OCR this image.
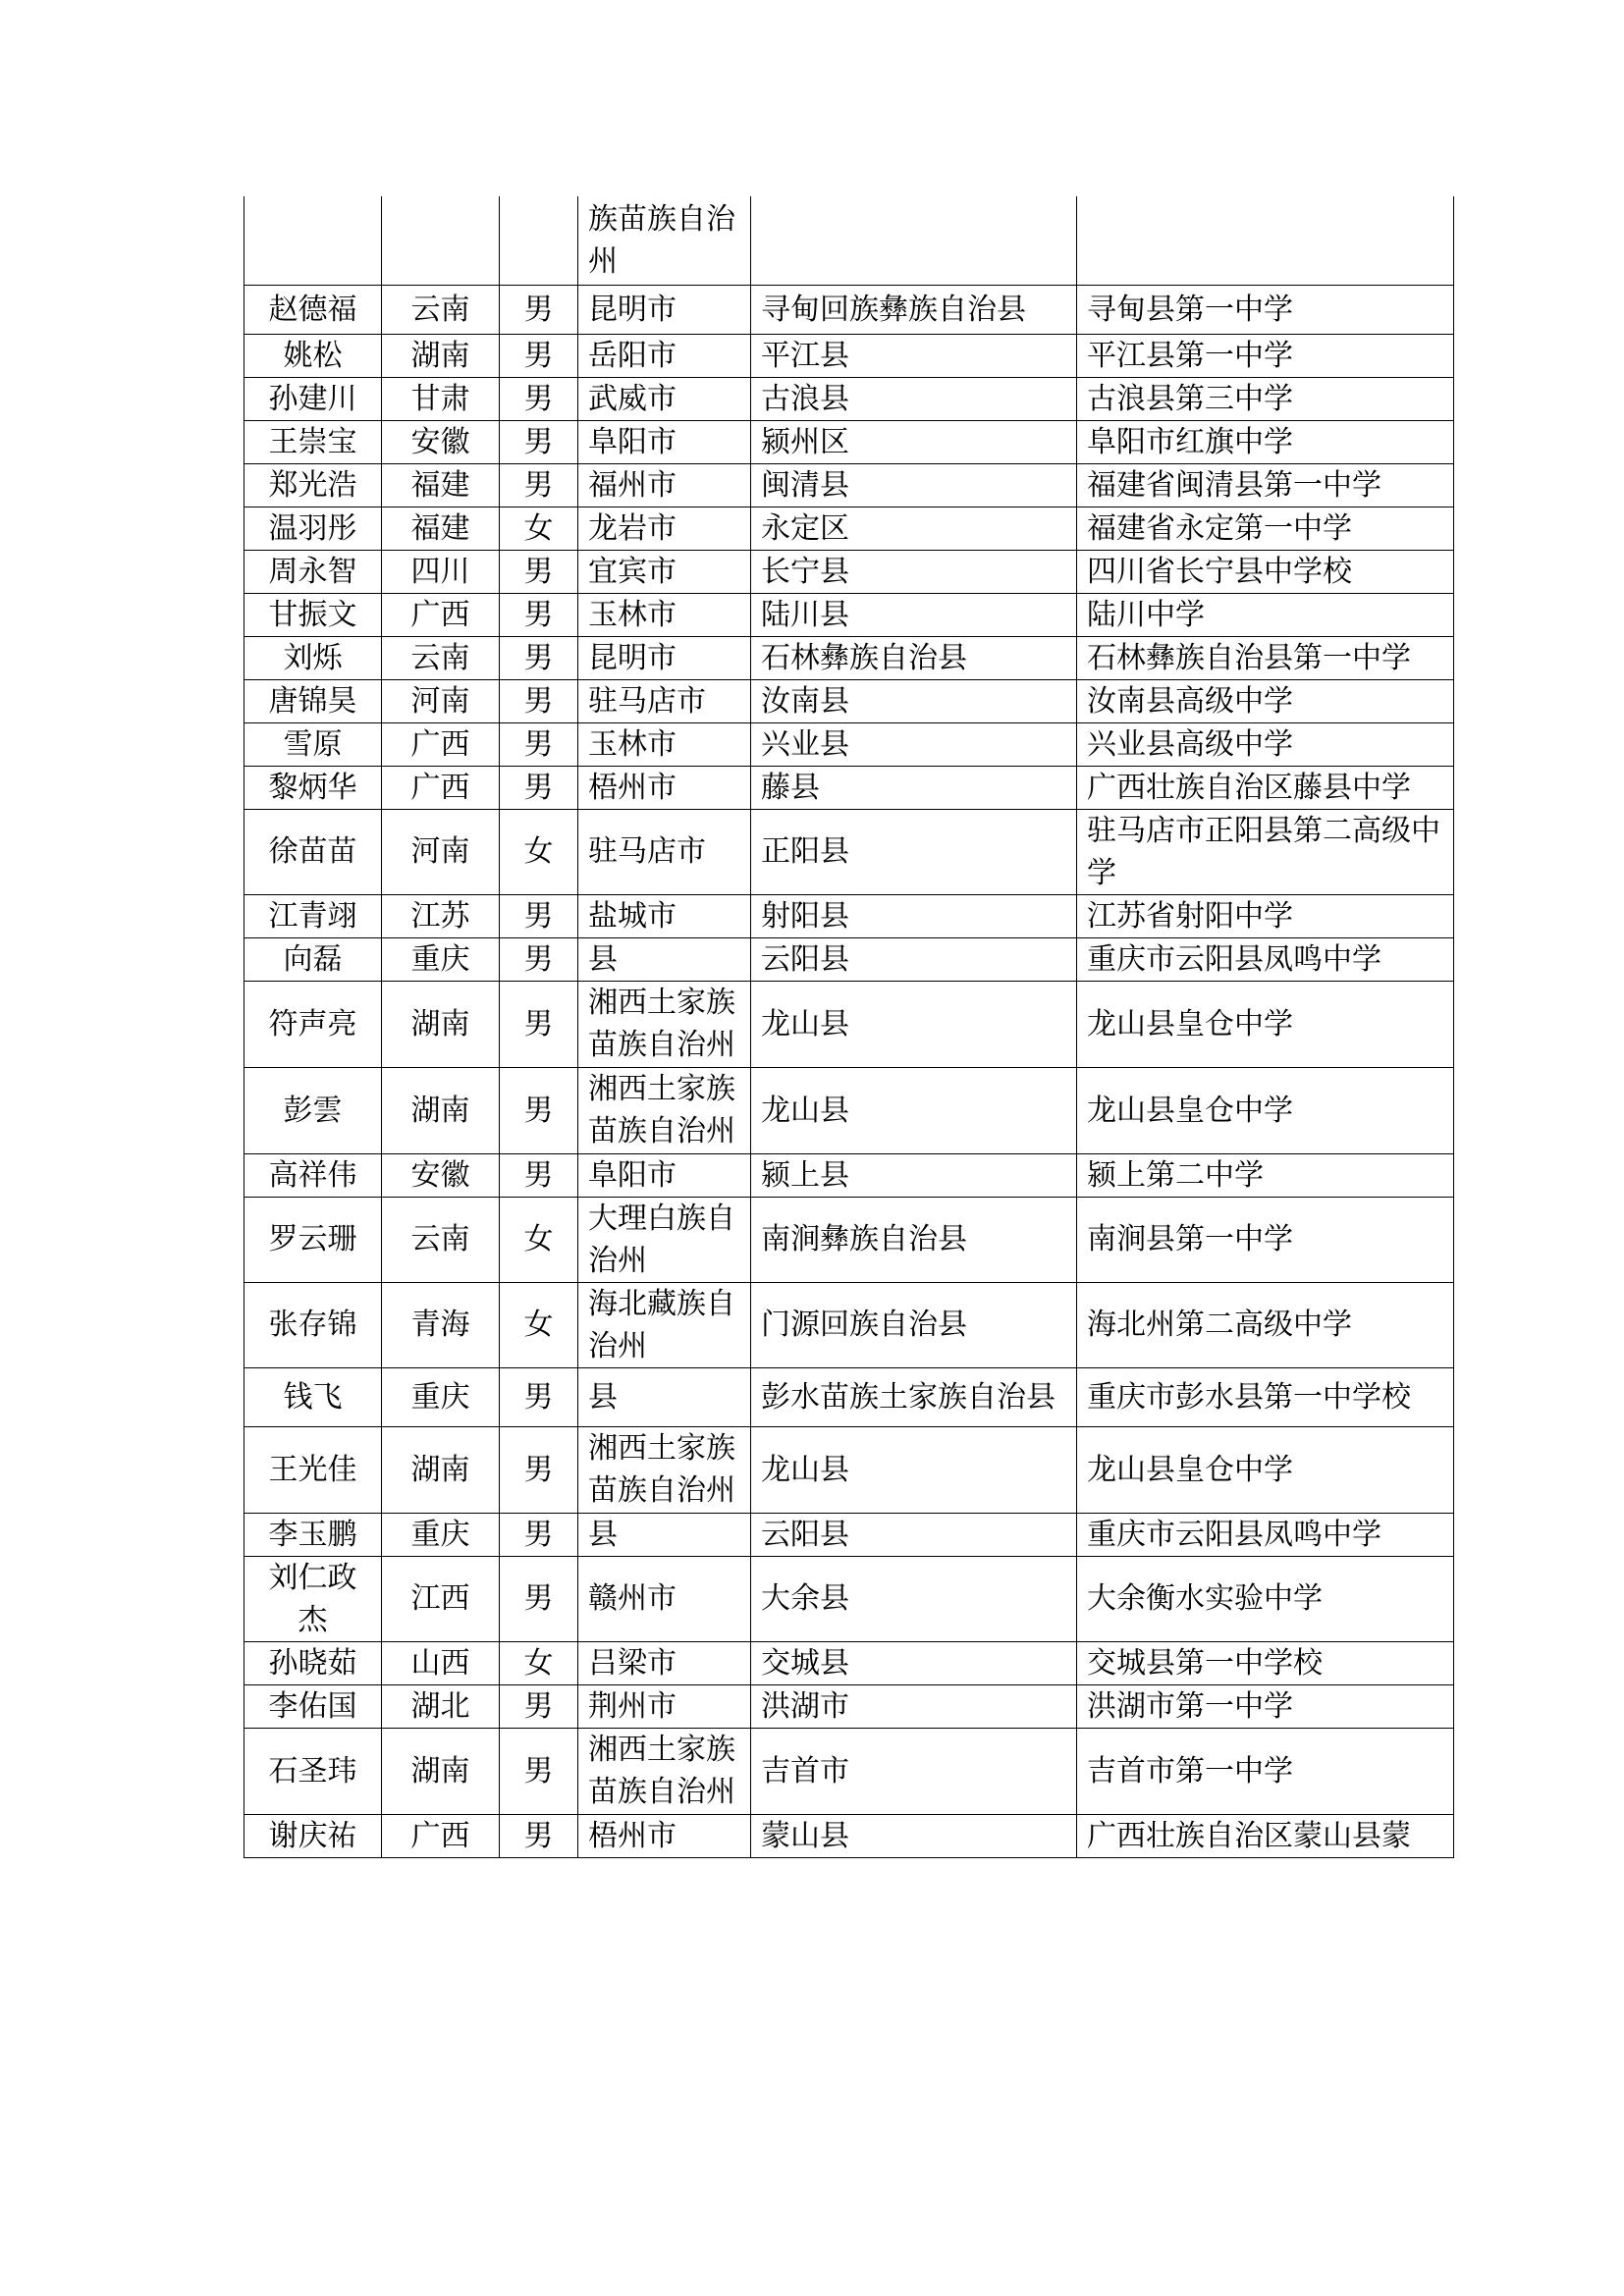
			族苗族自治州		
赵德福	云南	男	昆明市	寻甸回族彝族自治县	寻甸县第一中学
姚松	湖南	男	岳阳市	平江县	平江县第一中学
孙建川	甘肃	男	武威市	古浪县	古浪县第三中学
王崇宝	安徽	男	阜阳市	颍州区	阜阳市红旗中学
郑光浩	福建	男	福州市	闽清县	福建省闽清县第一中学
温羽彤	福建	女	龙岩市	永定区	福建省永定第一中学
周永智	四川	男	宜宾市	长宁县	四川省长宁县中学校
甘振文	广西	男	玉林市	陆川县	陆川中学
刘烁	云南	男	昆明市	石林彝族自治县	石林彝族自治县第一中学
唐锦昊	河南	男	驻马店市	汝南县	汝南县高级中学
雪原	广西	男	玉林市	兴业县	兴业县高级中学
黎炳华	广西	男	梧州市	藤县	广西壮族自治区藤县中学
徐苗苗	河南	女	驻马店市	正阳县	驻马店市正阳县第二高级中学
江青翊	江苏	男	盐城市	射阳县	江苏省射阳中学
向磊	重庆	男	县	云阳县	重庆市云阳县凤鸣中学
符声亮	湖南	男	湘西土家族苗族自治州	龙山县	龙山县皇仓中学
彭雲	湖南	男	湘西土家族苗族自治州	龙山县	龙山县皇仓中学
高祥伟	安徽	男	阜阳市	颍上县	颍上第二中学
罗云珊	云南	女	大理白族自治州	南涧彝族自治县	南涧县第一中学
张存锦	青海	女	海北藏族自治州	门源回族自治县	海北州第二高级中学
钱飞	重庆	男	县	彭水苗族土家族自治县	重庆市彭水县第一中学校
王光佳	湖南	男	湘西土家族苗族自治州	龙山县	龙山县皇仓中学
李玉鹏	重庆	男	县	云阳县	重庆市云阳县凤鸣中学
刘仁政杰	江西	男	赣州市	大余县	大余衡水实验中学
孙晓茹	山西	女	吕梁市	交城县	交城县第一中学校
李佑国	湖北	男	荆州市	洪湖市	洪湖市第一中学
石圣玮	湖南	男	湘西土家族苗族自治州	吉首市	吉首市第一中学
谢庆祐	广西	男	梧州市	蒙山县	广西壮族自治区蒙山县蒙
